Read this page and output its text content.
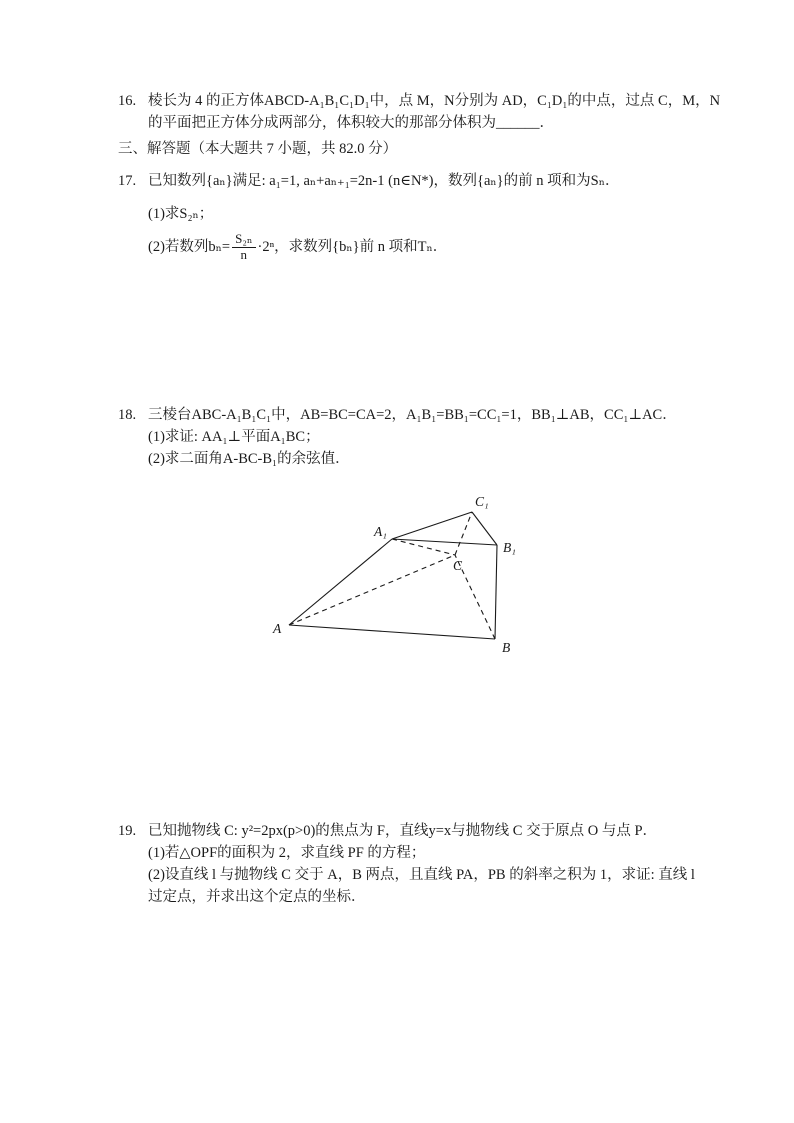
16. 棱长为 4 的正方体ABCD-A₁B₁C₁D₁中，点 M，N分别为 AD，C₁D₁的中点，过点 C，M，N
的平面把正方体分成两部分，体积较大的那部分体积为______．
三、解答题（本大题共 7 小题，共 82.0 分）
17. 已知数列{aₙ}满足: a₁=1, aₙ+aₙ₊₁=2n-1 (n∈N*)，数列{aₙ}的前 n 项和为Sₙ．
(1)求S₂ₙ；
(2)若数列$b_n= \frac{\text{S₂ₙ}}{n} \cdot 2^n$，求数列{bₙ}前 n 项和Tₙ．
18. 三棱台ABC-A₁B₁C₁中，AB=BC=CA=2，A₁B₁=BB₁=CC₁=1，BB₁⊥AB，CC₁⊥AC．
(1)求证: AA₁⊥平面A₁BC；
(2)求二面角A-BC-B₁的余弦值．
C₁
A₁
B₁
C
A
B
19. 已知抛物线 C: y²=2px(p>0)的焦点为 F，直线y=x与抛物线 C 交于原点 O 与点 P．
(1)若△OPF的面积为 2，求直线 PF 的方程；
(2)设直线 l 与抛物线 C 交于 A，B 两点，且直线 PA，PB 的斜率之积为 1，求证: 直线 l
过定点，并求出这个定点的坐标．
